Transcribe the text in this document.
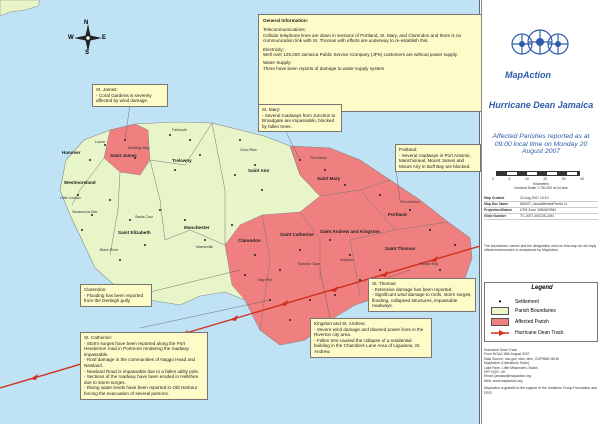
N
E
W
S
Hanover
Westmoreland
Saint James
Trelawny
Saint Elizabeth
Manchester
Saint Ann
Saint Mary
Portland
Clarendon
Saint Catherine
Saint Andrew and Kingston
Saint Thomas
Lucea
Falmouth
Montego Bay
Savanna-la-Mar
Black River
Mandeville
May Pen
Spanish Town
Port Maria
Port Antonio
Morant Bay
Kingston
Little London
Ocho Rios
Santa Cruz
General Information:
Telecommunications:
Cellular telephone lines are down in sections of Portland, St. Mary, and Clarendon and there is no communication link with St. Thomas with efforts are underway to re-establish this.
Electricity:
Well over 125,000 Jamaica Public Service Company (JPS) customers are without power supply.
Water Supply:
There have been reports of damage to water supply system
St. James:
- Coral Gardens is severely affected by wind damage.
St. Mary:
- Several roadways from Junction to Broadgate are impassable, blocked by fallen trees.
Portland:
- Several roadways in Port Antonio, Manchioneal, Mount James and Mount Airy in Buff Bay are blocked.
St. Thomas:
- Extensive damage has been reported.
- Significant wind damage to roofs, storm surges, flooding, collapsed structures, impassable roadways.
Clarendon:
- Flooding has been reported from the Denbigh gully
Kingston and St. Andrew:
- Severe wind damage and downed power lines in the Riverton city area.
- Fallen tree caused the collapse of a residential building in the Chambers Lane Area of Liguanea, St. Andrew.
St. Catherine:
- Storm surges have been reported along the Port Henderson road in Portmore rendering the roadway impassable.
- Roof damage in the communities of Naggo Head and Newland.
- Newland Road is impassable due to a fallen utility pole.
- Sections of the roadway have been eroded in Hellshire due to storm surges.
- Rising water levels have been reported in Old Harbour forcing the evacuation of several persons.
MapAction
Hurricane Dean Jamaica
Affected Parishes reported as at 09:00 local time on Monday 20 August 2007
0	5	10	20	30	40
Kilometers
Nominal Scale 1:750,000 at A4 size
Map Created	20 Aug 2007 10:10
Map Doc Name	MA007_JamaAffectedParish v1
Projection/Datum	UTM Zone 18N/WGS84
Glide Number	TC-2007-000135-JAM
The boundaries, names and the designation used on this map do not imply official endorsement or acceptance by MapAction.
Legend
•	Settlement
Parish Boundaries
Affected Parish
Hurricane Dean Track
Hurricane Dean Track
From NOAA 18th August 2007
Data Source: ndc.gov, ctan, dms, GOP/BMC/DHA
MapAction (Operations Team)
Lake Farm, Little Missenden, Bucks
HP7 0QG, UK
Email: jamaica@mapaction.org
Web: www.mapaction.org
MapAction is grateful to the support of the Vodafone Group Foundation and DFID
